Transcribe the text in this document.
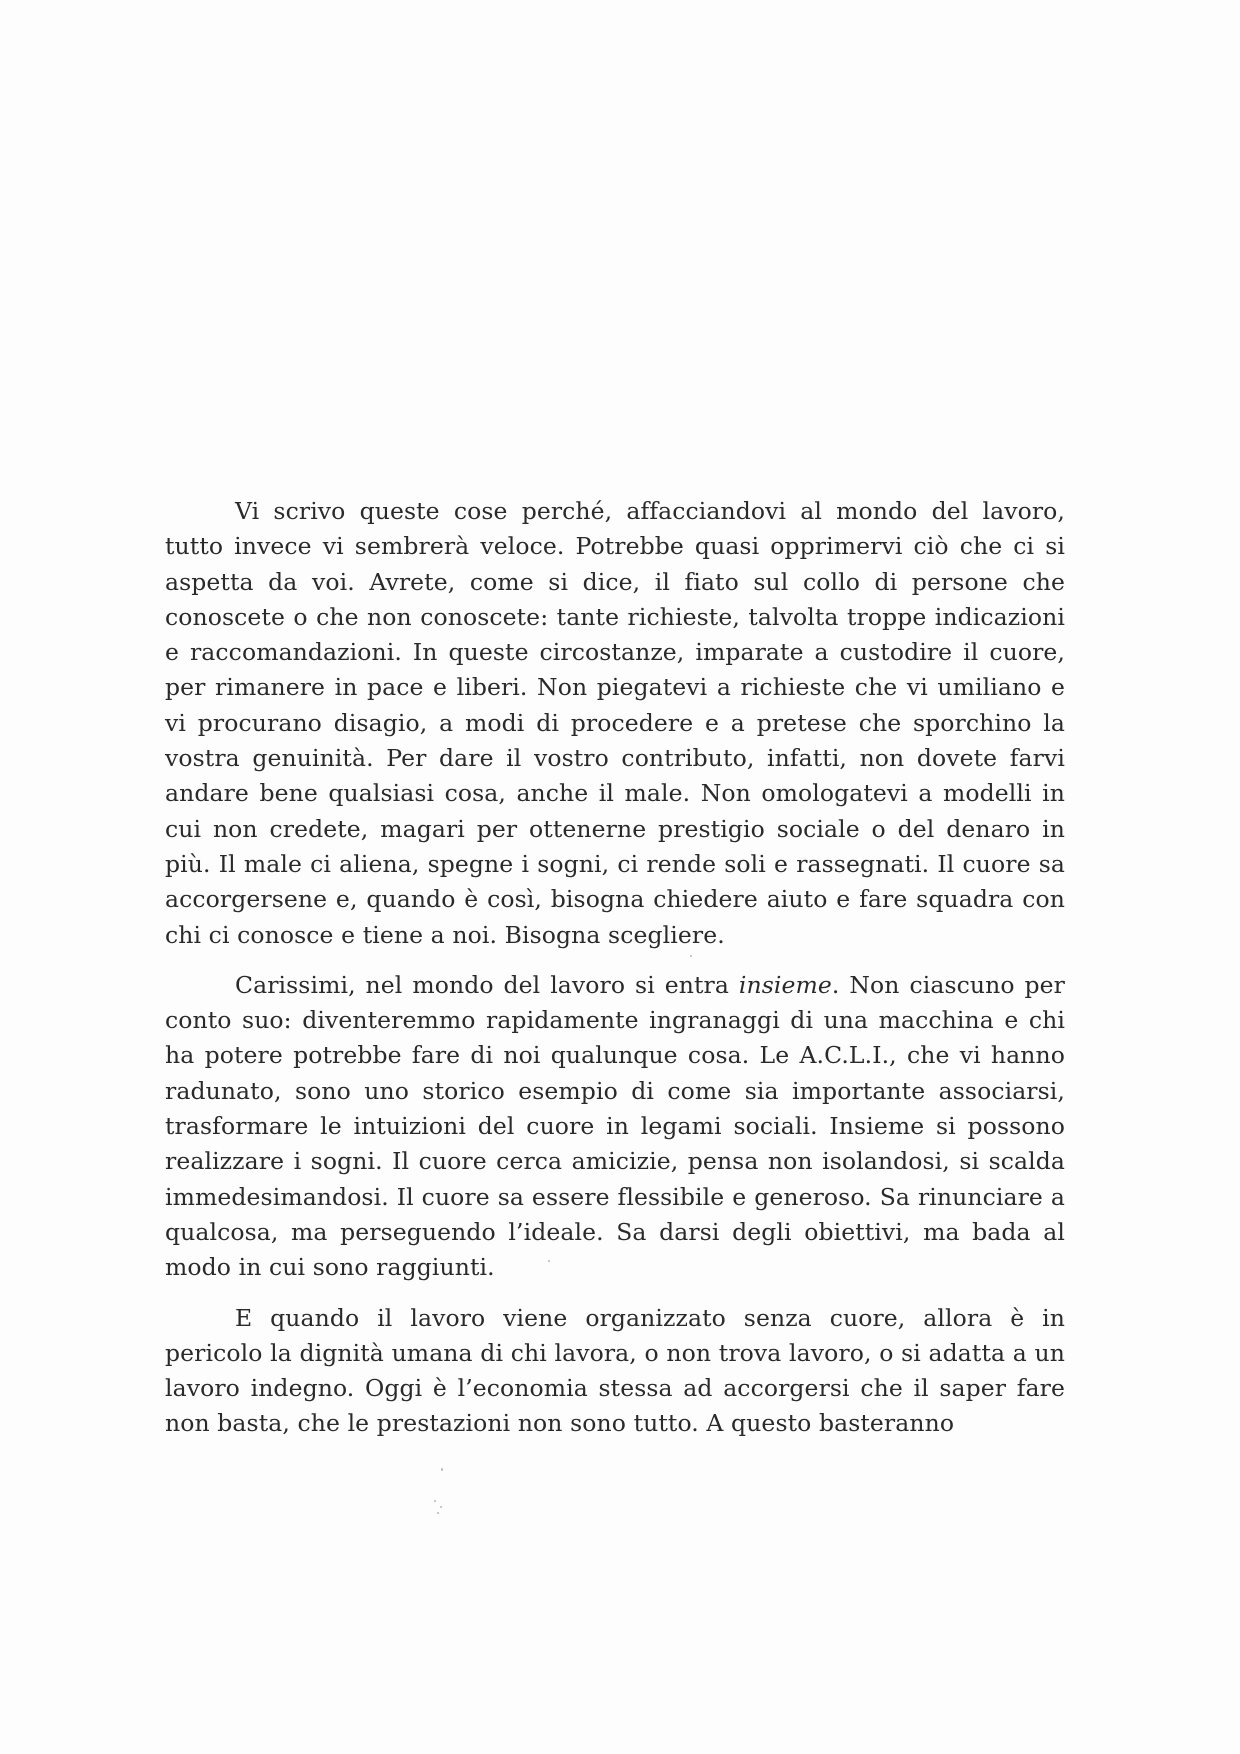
Vi scrivo queste cose perché, affacciandovi al mondo del lavoro, tutto invece vi sembrerà veloce. Potrebbe quasi opprimervi ciò che ci si aspetta da voi. Avrete, come si dice, il fiato sul collo di persone che conoscete o che non conoscete: tante richieste, talvolta troppe indicazioni e raccomandazioni. In queste circostanze, imparate a custodire il cuore, per rimanere in pace e liberi. Non piegatevi a richieste che vi umiliano e vi procurano disagio, a modi di procedere e a pretese che sporchino la vostra genuinità. Per dare il vostro contributo, infatti, non dovete farvi andare bene qualsiasi cosa, anche il male. Non omologatevi a modelli in cui non credete, magari per ottenerne prestigio sociale o del denaro in più. Il male ci aliena, spegne i sogni, ci rende soli e rassegnati. Il cuore sa accorgersene e, quando è così, bisogna chiedere aiuto e fare squadra con chi ci conosce e tiene a noi. Bisogna scegliere.

Carissimi, nel mondo del lavoro si entra insieme. Non ciascuno per conto suo: diventeremmo rapidamente ingranaggi di una macchina e chi ha potere potrebbe fare di noi qualunque cosa. Le A.C.L.I., che vi hanno radunato, sono uno storico esempio di come sia importante associarsi, trasformare le intuizioni del cuore in legami sociali. Insieme si possono realizzare i sogni. Il cuore cerca amicizie, pensa non isolandosi, si scalda immedesimandosi. Il cuore sa essere flessibile e generoso. Sa rinunciare a qualcosa, ma perseguendo l’ideale. Sa darsi degli obiettivi, ma bada al modo in cui sono raggiunti.

E quando il lavoro viene organizzato senza cuore, allora è in pericolo la dignità umana di chi lavora, o non trova lavoro, o si adatta a un lavoro indegno. Oggi è l’economia stessa ad accorgersi che il saper fare non basta, che le prestazioni non sono tutto. A questo basteranno
